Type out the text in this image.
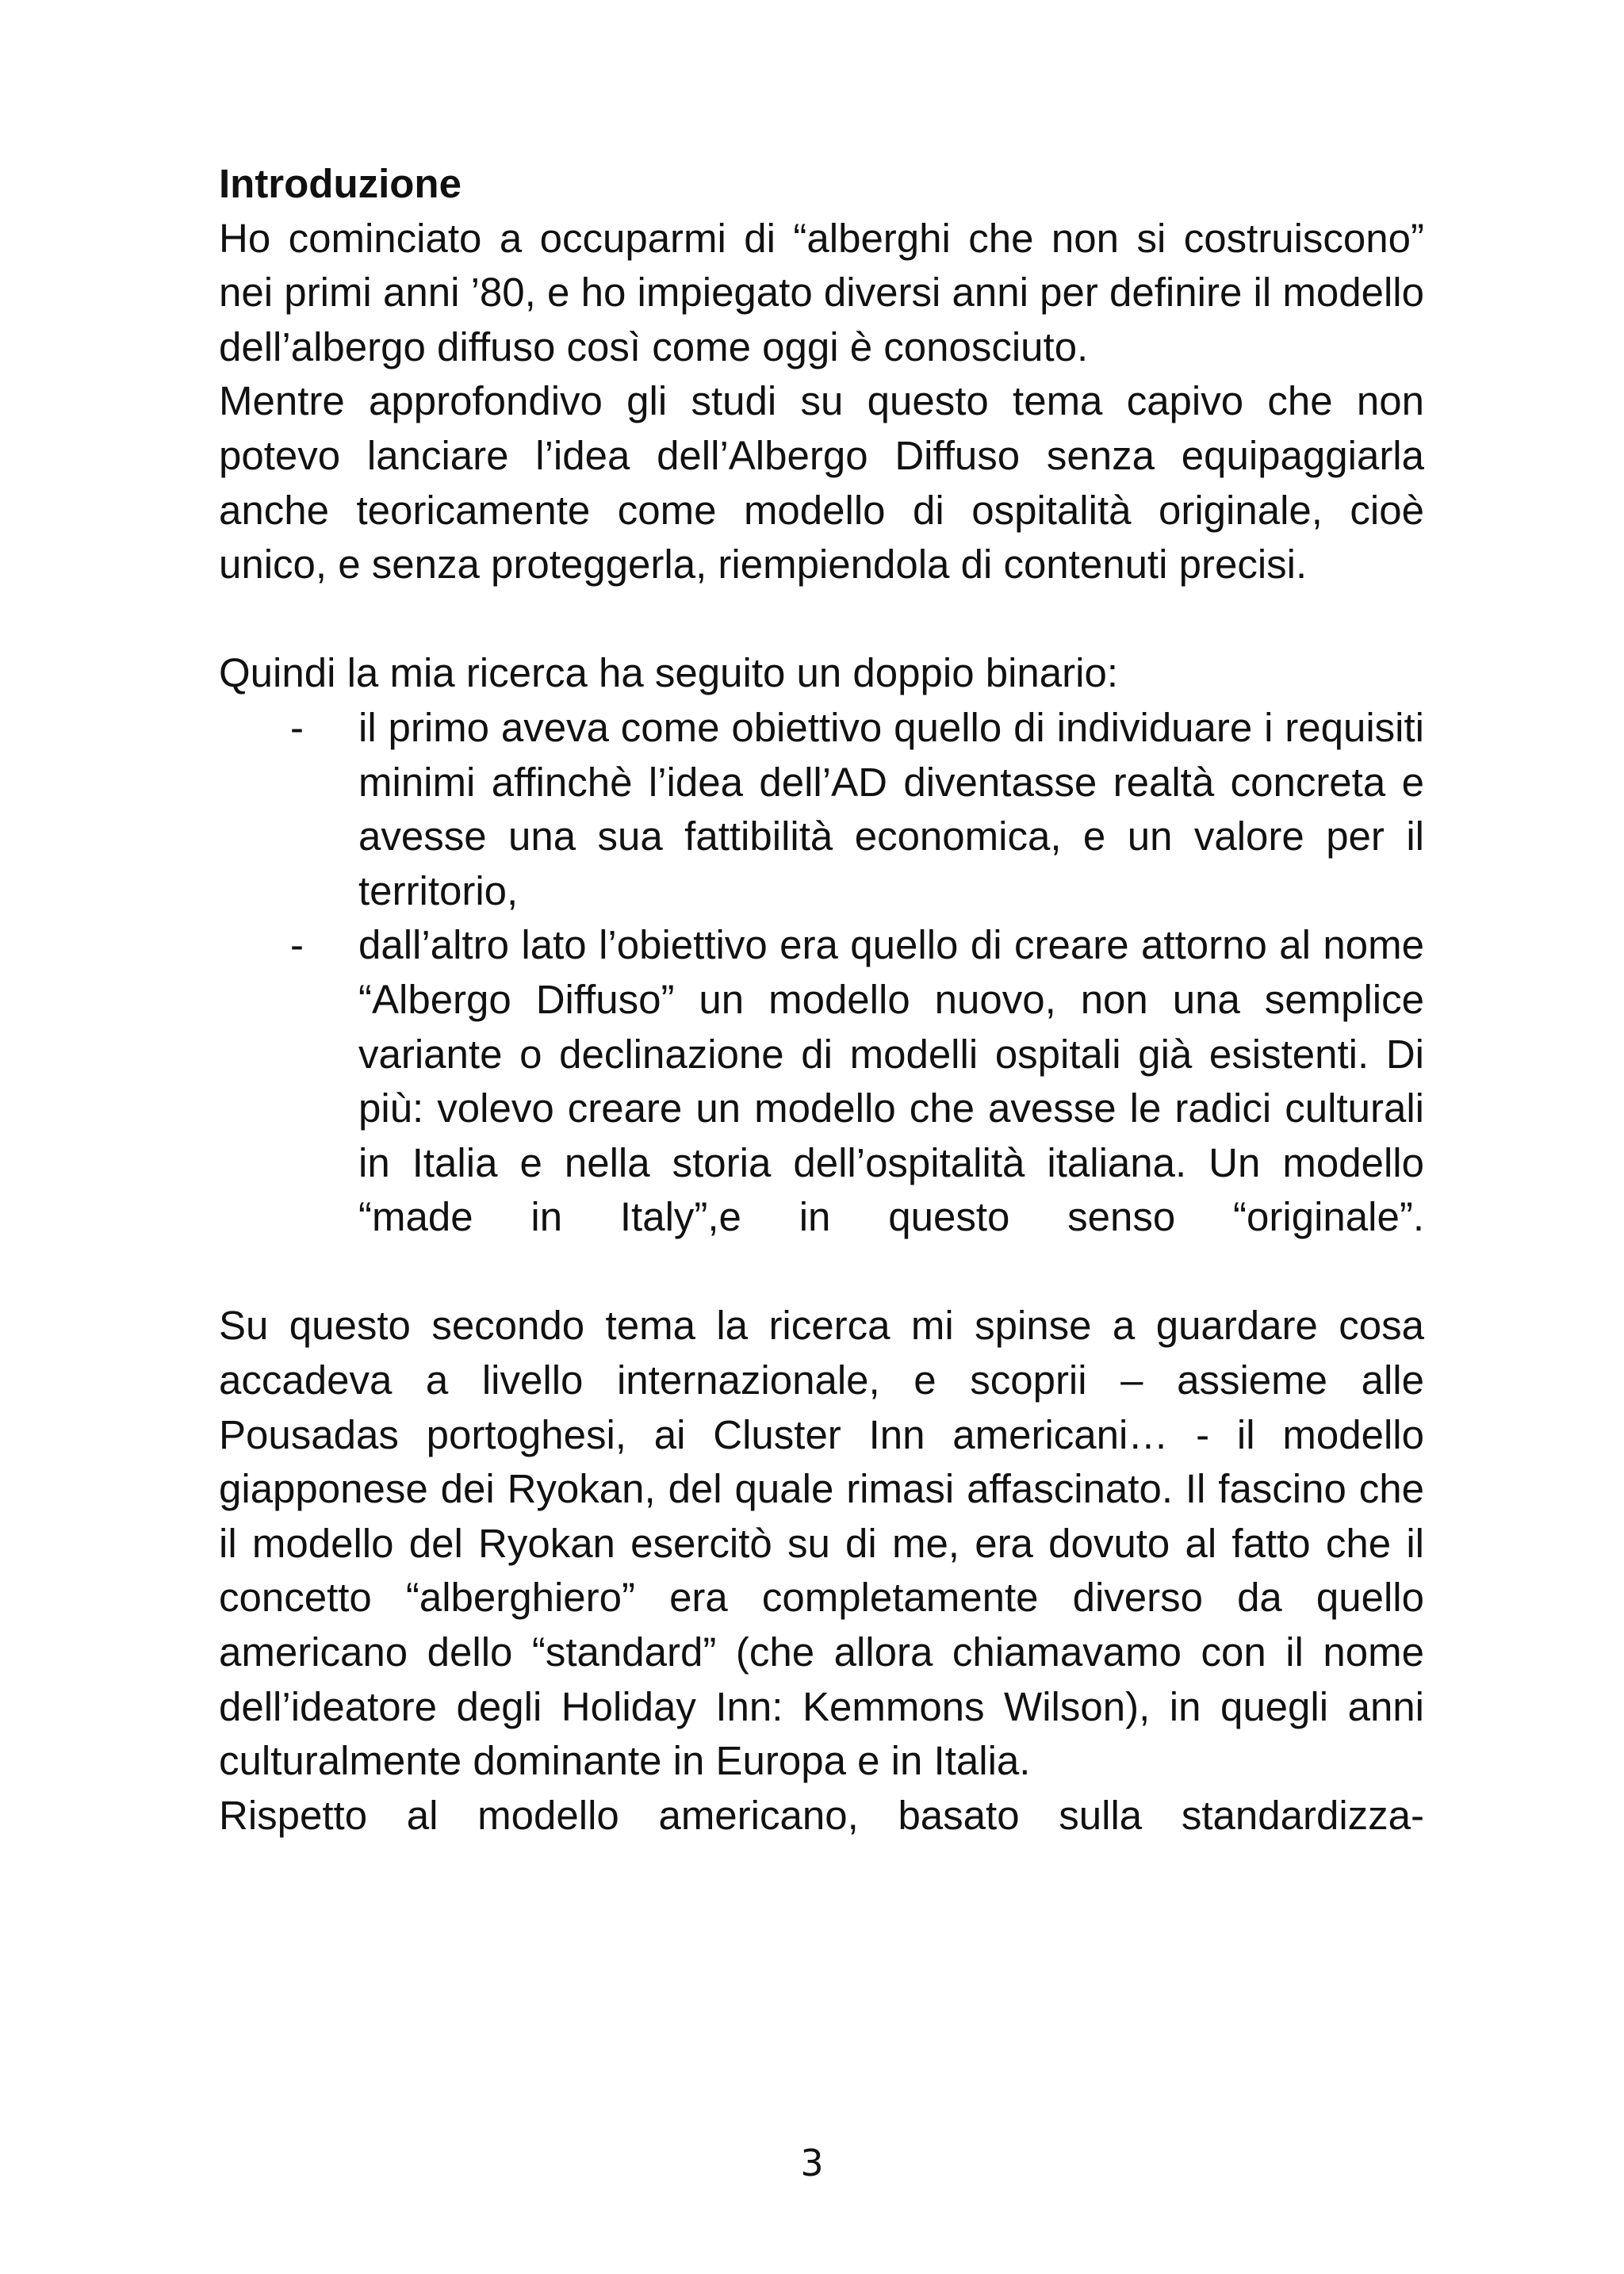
Introduzione

Ho cominciato a occuparmi di “alberghi che non si costruiscono” nei primi anni ’80, e ho impiegato diversi anni per definire il modello dell’albergo diffuso così come oggi è conosciuto.

Mentre approfondivo gli studi su questo tema capivo che non potevo lanciare l’idea dell’Albergo Diffuso senza equipaggiarla anche teoricamente come modello di ospitalità originale, cioè unico, e senza proteggerla, riempiendola di contenuti precisi.

Quindi la mia ricerca ha seguito un doppio binario:

- il primo aveva come obiettivo quello di individuare i requisiti minimi affinchè l’idea dell’AD diventasse realtà concreta e avesse una sua fattibilità economica, e un valore per il territorio,
- dall’altro lato l’obiettivo era quello di creare attorno al nome “Albergo Diffuso” un modello nuovo, non una semplice variante o declinazione di modelli ospitali già esistenti. Di più: volevo creare un modello che avesse le radici culturali in Italia e nella storia dell’ospitalità italiana. Un modello “made in Italy”,e in questo senso “originale”.

Su questo secondo tema la ricerca mi spinse a guardare cosa accadeva a livello internazionale, e scoprii – assieme alle Pousadas portoghesi, ai Cluster Inn americani… - il modello giapponese dei Ryokan, del quale rimasi affascinato. Il fascino che il modello del Ryokan esercitò su di me, era dovuto al fatto che il concetto “alberghiero” era completamente diverso da quello americano dello “standard” (che allora chiamavamo con il nome dell’ideatore degli Holiday Inn: Kemmons Wilson), in quegli anni culturalmente dominante in Europa e in Italia.

Rispetto al modello americano, basato sulla standardizza-

3
